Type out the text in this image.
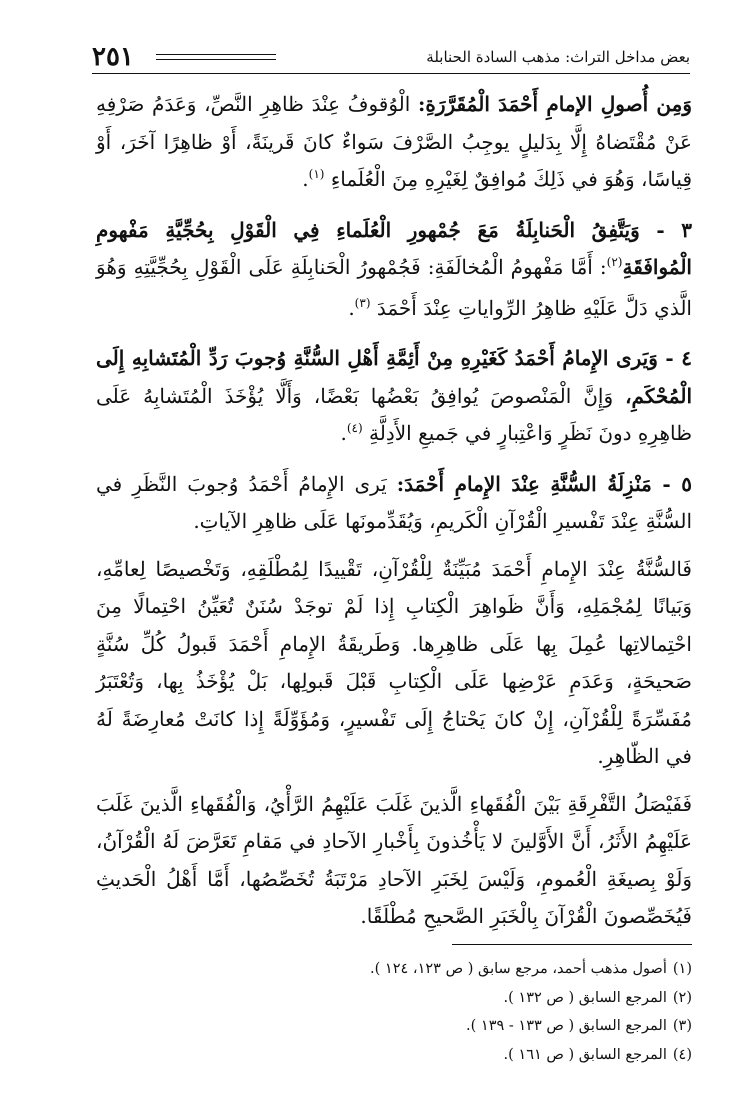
٢٥١	بعض مداخل التراث: مذهب السادة الحنابلة

وَمِن أُصولِ الإمامِ أَحْمَدَ الْمُقَرَّرَةِ: الْوُقوفُ عِنْدَ ظاهِرِ النَّصِّ، وَعَدَمُ صَرْفِهِ عَنْ مُقْتَضاهُ إِلَّا بِدَليلٍ يوجِبُ الصَّرْفَ سَواءٌ كانَ قَرينَةً، أَوْ ظاهِرًا آخَرَ، أَوْ قِياسًا، وَهُوَ في ذَلِكَ مُوافِقٌ لِغَيْرِهِ مِنَ الْعُلَماءِ $^{(١)}$.

٣ - وَيَتَّفِقُ الْحَنابِلَةُ مَعَ جُمْهورِ الْعُلَماءِ فِي الْقَوْلِ بِحُجِّيَّةِ مَفْهومِ الْمُوافَقَةِ$^{(٢)}$: أَمَّا مَفْهومُ الْمُخالَفَةِ: فَجُمْهورُ الْحَنابِلَةِ عَلَى الْقَوْلِ بِحُجِّيَّتِهِ وَهُوَ الَّذي دَلَّ عَلَيْهِ ظاهِرُ الرِّواياتِ عِنْدَ أَحْمَدَ $^{(٣)}$.

٤ - وَيَرى الإِمامُ أَحْمَدُ كَغَيْرِهِ مِنْ أَئِمَّةِ أَهْلِ السُّنَّةِ وُجوبَ رَدِّ الْمُتَشابِهِ إِلَى الْمُحْكَمِ، وَإِنَّ الْمَنْصوصَ يُوافِقُ بَعْضُها بَعْضًا، وَأَلَّا يُؤْخَذَ الْمُتَشابِهُ عَلَى ظاهِرِهِ دونَ نَظَرٍ وَاعْتِبارٍ في جَميعِ الأَدِلَّةِ $^{(٤)}$.

٥ - مَنْزِلَةُ السُّنَّةِ عِنْدَ الإِمامِ أَحْمَدَ: يَرى الإِمامُ أَحْمَدُ وُجوبَ النَّظَرِ في السُّنَّةِ عِنْدَ تَفْسيرِ الْقُرْآنِ الْكَريمِ، وَيُقَدِّمونَها عَلَى ظاهِرِ الآياتِ.

فَالسُّنَّةُ عِنْدَ الإِمامِ أَحْمَدَ مُبَيِّنَةٌ لِلْقُرْآنِ، تَقْييدًا لِمُطْلَقِهِ، وَتَخْصيصًا لِعامِّهِ، وَبَيانًا لِمُجْمَلِهِ، وَأَنَّ ظَواهِرَ الْكِتابِ إِذا لَمْ توجَدْ سُنَنٌ تُعَيِّنُ احْتِمالًا مِنَ احْتِمالاتِها عُمِلَ بِها عَلَى ظاهِرِها. وَطَريقَةُ الإِمامِ أَحْمَدَ قَبولُ كُلِّ سُنَّةٍ صَحيحَةٍ، وَعَدَمِ عَرْضِها عَلَى الْكِتابِ قَبْلَ قَبولِها، بَلْ يُؤْخَذُ بِها، وَتُعْتَبَرُ مُفَسِّرَةً لِلْقُرْآنِ، إِنْ كانَ يَحْتاجُ إِلَى تَفْسيرٍ، وَمُؤَوِّلَةً إِذا كانَتْ مُعارِضَةً لَهُ في الظّاهِرِ.

فَفَيْصَلُ التَّفْرِقَةِ بَيْنَ الْفُقَهاءِ الَّذينَ غَلَبَ عَلَيْهِمُ الرَّأْيُ، وَالْفُقَهاءِ الَّذينَ غَلَبَ عَلَيْهِمُ الأَثَرُ، أَنَّ الأَوَّلينَ لا يَأْخُذونَ بِأَخْبارِ الآحادِ في مَقامِ تَعَرَّضَ لَهُ الْقُرْآنُ، وَلَوْ بِصيغَةِ الْعُمومِ، وَلَيْسَ لِخَبَرِ الآحادِ مَرْتَبَةُ تُخَصِّصُها، أَمَّا أَهْلُ الْحَديثِ فَيُخَصِّصونَ الْقُرْآنَ بِالْخَبَرِ الصَّحيحِ مُطْلَقًا.

(١)أصول مذهب أحمد، مرجع سابق ( ص ١٢٣، ١٢٤ ).
(٢)المرجع السابق ( ص ١٣٢ ).
(٣)المرجع السابق ( ص ١٣٣ - ١٣٩ ).
(٤)المرجع السابق ( ص ١٦١ ).
